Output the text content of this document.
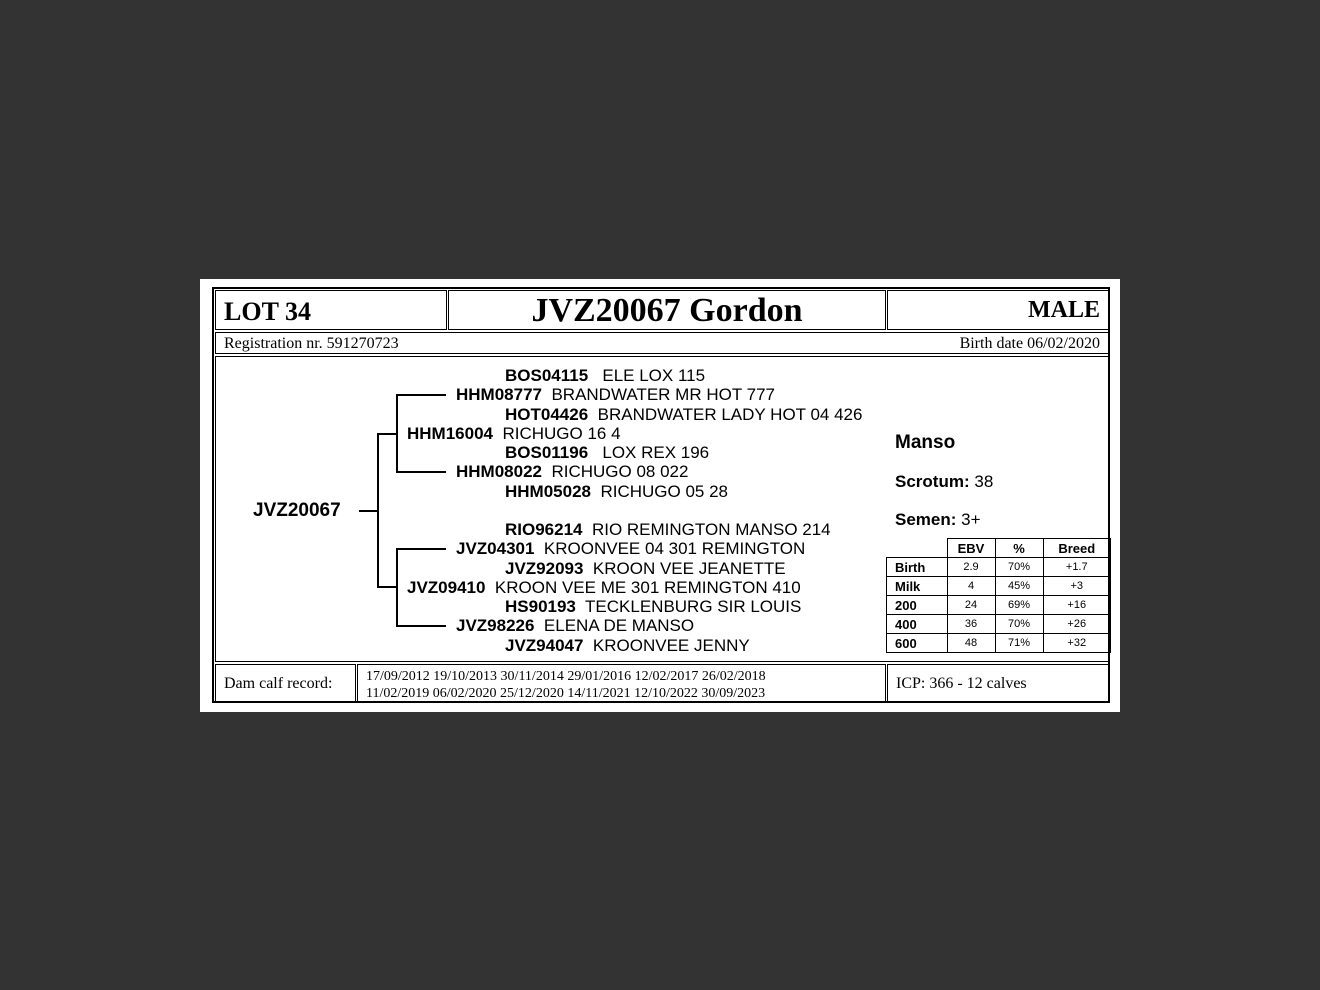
LOT 34	JVZ20067 Gordon	MALE
Registration nr. 591270723	Birth date 06/02/2020
JVZ20067
HHM16004 RICHUGO 16 4
HHM08777 BRANDWATER MR HOT 777
BOS04115 ELE LOX 115
HOT04426 BRANDWATER LADY HOT 04 426
HHM08022 RICHUGO 08 022
BOS01196 LOX REX 196
HHM05028 RICHUGO 05 28
JVZ09410 KROON VEE ME 301 REMINGTON 410
JVZ04301 KROONVEE 04 301 REMINGTON
RIO96214 RIO REMINGTON MANSO 214
JVZ92093 KROON VEE JEANETTE
JVZ98226 ELENA DE MANSO
HS90193 TECKLENBURG SIR LOUIS
JVZ94047 KROONVEE JENNY
Manso
Scrotum: 38
Semen: 3+
	EBV	%	Breed
Birth	2.9	70%	+1.7
Milk	4	45%	+3
200	24	69%	+16
400	36	70%	+26
600	48	71%	+32
Dam calf record: 17/09/2012 19/10/2013 30/11/2014 29/01/2016 12/02/2017 26/02/2018
11/02/2019 06/02/2020 25/12/2020 14/11/2021 12/10/2022 30/09/2023
ICP: 366 - 12 calves
